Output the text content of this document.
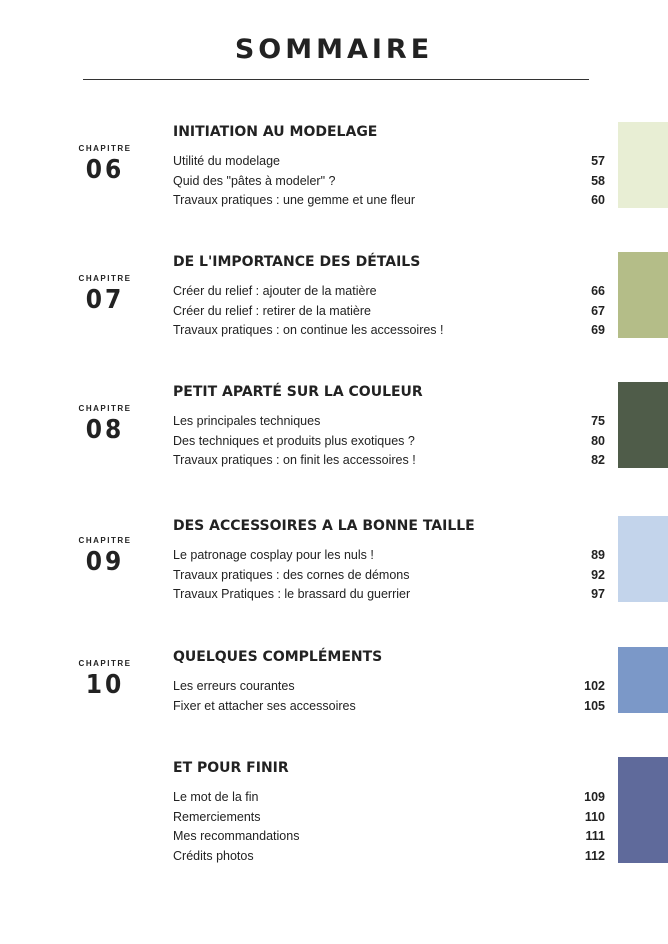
SOMMAIRE
CHAPITRE
06
INITIATION AU MODELAGE
Utilité du modelage	57
Quid des "pâtes à modeler" ?	58
Travaux pratiques : une gemme et une fleur	60
CHAPITRE
07
DE L'IMPORTANCE DES DÉTAILS
Créer du relief : ajouter de la matière	66
Créer du relief : retirer de la matière	67
Travaux pratiques : on continue les accessoires !	69
CHAPITRE
08
PETIT APARTÉ SUR LA COULEUR
Les principales techniques	75
Des techniques et produits plus exotiques ?	80
Travaux pratiques : on finit les accessoires !	82
CHAPITRE
09
DES ACCESSOIRES A LA BONNE TAILLE
Le patronage cosplay pour les nuls !	89
Travaux pratiques : des cornes de démons	92
Travaux Pratiques : le brassard du guerrier	97
CHAPITRE
10
QUELQUES COMPLÉMENTS
Les erreurs courantes	102
Fixer et attacher ses accessoires	105
ET POUR FINIR
Le mot de la fin	109
Remerciements	110
Mes recommandations	111
Crédits photos	112
